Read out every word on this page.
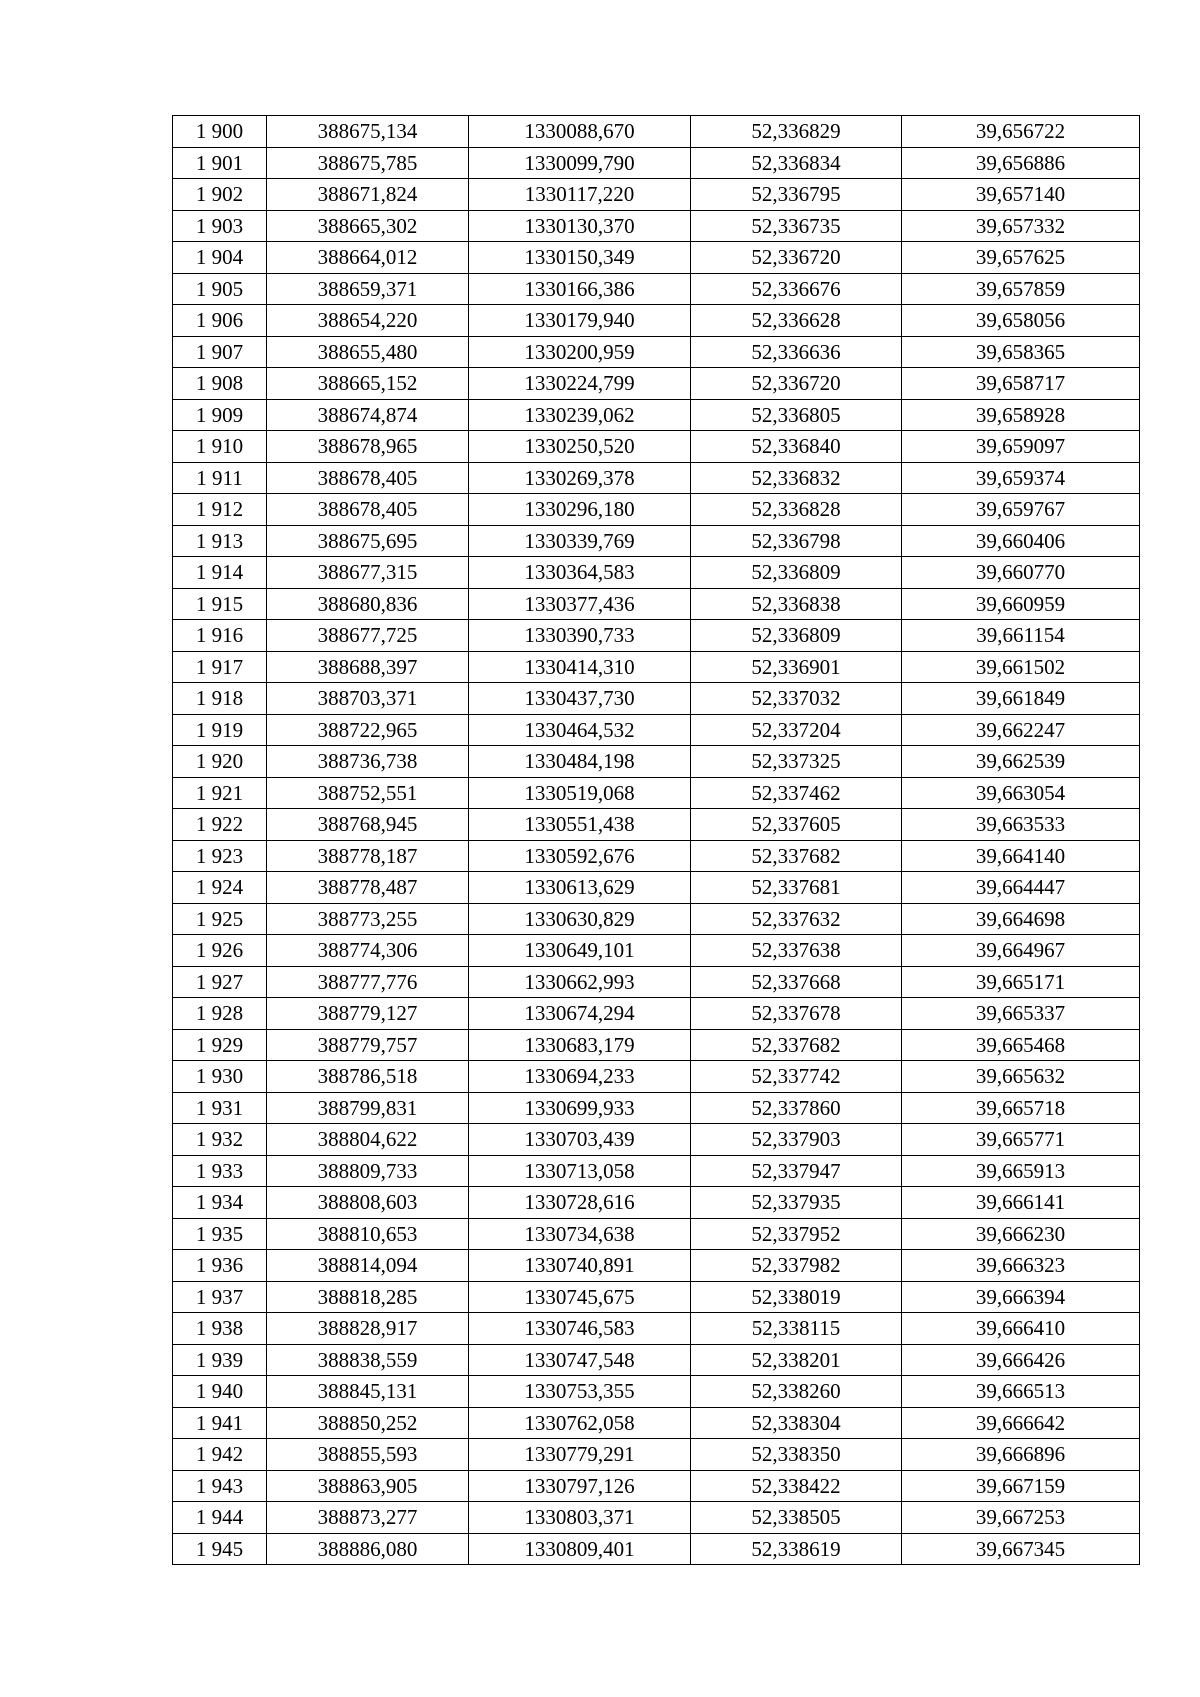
1 900	388675,134	1330088,670	52,336829	39,656722
1 901	388675,785	1330099,790	52,336834	39,656886
1 902	388671,824	1330117,220	52,336795	39,657140
1 903	388665,302	1330130,370	52,336735	39,657332
1 904	388664,012	1330150,349	52,336720	39,657625
1 905	388659,371	1330166,386	52,336676	39,657859
1 906	388654,220	1330179,940	52,336628	39,658056
1 907	388655,480	1330200,959	52,336636	39,658365
1 908	388665,152	1330224,799	52,336720	39,658717
1 909	388674,874	1330239,062	52,336805	39,658928
1 910	388678,965	1330250,520	52,336840	39,659097
1 911	388678,405	1330269,378	52,336832	39,659374
1 912	388678,405	1330296,180	52,336828	39,659767
1 913	388675,695	1330339,769	52,336798	39,660406
1 914	388677,315	1330364,583	52,336809	39,660770
1 915	388680,836	1330377,436	52,336838	39,660959
1 916	388677,725	1330390,733	52,336809	39,661154
1 917	388688,397	1330414,310	52,336901	39,661502
1 918	388703,371	1330437,730	52,337032	39,661849
1 919	388722,965	1330464,532	52,337204	39,662247
1 920	388736,738	1330484,198	52,337325	39,662539
1 921	388752,551	1330519,068	52,337462	39,663054
1 922	388768,945	1330551,438	52,337605	39,663533
1 923	388778,187	1330592,676	52,337682	39,664140
1 924	388778,487	1330613,629	52,337681	39,664447
1 925	388773,255	1330630,829	52,337632	39,664698
1 926	388774,306	1330649,101	52,337638	39,664967
1 927	388777,776	1330662,993	52,337668	39,665171
1 928	388779,127	1330674,294	52,337678	39,665337
1 929	388779,757	1330683,179	52,337682	39,665468
1 930	388786,518	1330694,233	52,337742	39,665632
1 931	388799,831	1330699,933	52,337860	39,665718
1 932	388804,622	1330703,439	52,337903	39,665771
1 933	388809,733	1330713,058	52,337947	39,665913
1 934	388808,603	1330728,616	52,337935	39,666141
1 935	388810,653	1330734,638	52,337952	39,666230
1 936	388814,094	1330740,891	52,337982	39,666323
1 937	388818,285	1330745,675	52,338019	39,666394
1 938	388828,917	1330746,583	52,338115	39,666410
1 939	388838,559	1330747,548	52,338201	39,666426
1 940	388845,131	1330753,355	52,338260	39,666513
1 941	388850,252	1330762,058	52,338304	39,666642
1 942	388855,593	1330779,291	52,338350	39,666896
1 943	388863,905	1330797,126	52,338422	39,667159
1 944	388873,277	1330803,371	52,338505	39,667253
1 945	388886,080	1330809,401	52,338619	39,667345
